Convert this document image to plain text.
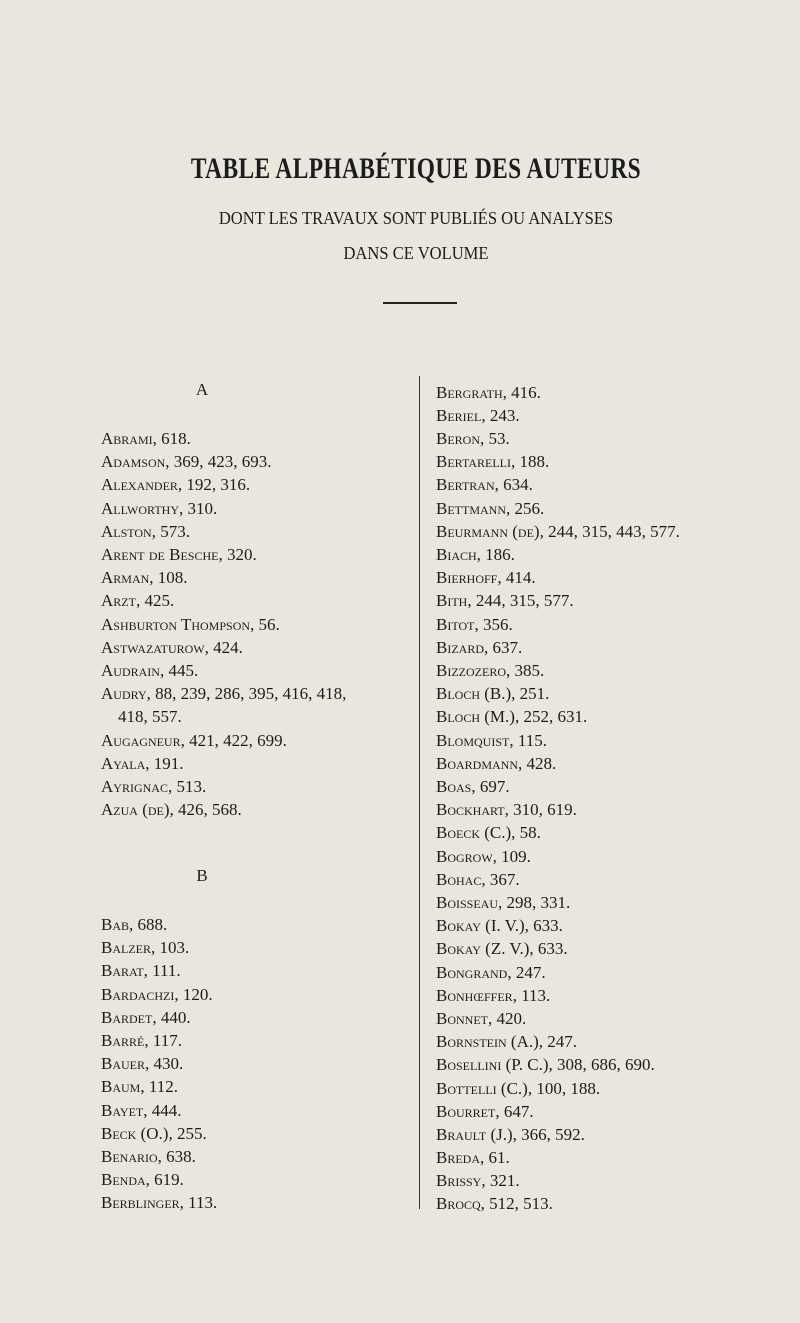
TABLE ALPHABÉTIQUE DES AUTEURS
DONT LES TRAVAUX SONT PUBLIÉS OU ANALYSES
DANS CE VOLUME
A
Abrami, 618.
Adamson, 369, 423, 693.
Alexander, 192, 316.
Allworthy, 310.
Alston, 573.
Arent de Besche, 320.
Arman, 108.
Arzt, 425.
Ashburton Thompson, 56.
Astwazaturow, 424.
Audrain, 445.
Audry, 88, 239, 286, 395, 416, 418,
418, 557.
Augagneur, 421, 422, 699.
Ayala, 191.
Ayrignac, 513.
Azua (de), 426, 568.
B
Bab, 688.
Balzer, 103.
Barat, 111.
Bardachzi, 120.
Bardet, 440.
Barré, 117.
Bauer, 430.
Baum, 112.
Bayet, 444.
Beck (O.), 255.
Benario, 638.
Benda, 619.
Berblinger, 113.
Bergrath, 416.
Beriel, 243.
Beron, 53.
Bertarelli, 188.
Bertran, 634.
Bettmann, 256.
Beurmann (de), 244, 315, 443, 577.
Biach, 186.
Bierhoff, 414.
Bith, 244, 315, 577.
Bitot, 356.
Bizard, 637.
Bizzozero, 385.
Bloch (B.), 251.
Bloch (M.), 252, 631.
Blomquist, 115.
Boardmann, 428.
Boas, 697.
Bockhart, 310, 619.
Boeck (C.), 58.
Bogrow, 109.
Bohac, 367.
Boisseau, 298, 331.
Bokay (I. V.), 633.
Bokay (Z. V.), 633.
Bongrand, 247.
Bonhœffer, 113.
Bonnet, 420.
Bornstein (A.), 247.
Bosellini (P. C.), 308, 686, 690.
Bottelli (C.), 100, 188.
Bourret, 647.
Brault (J.), 366, 592.
Breda, 61.
Brissy, 321.
Brocq, 512, 513.
